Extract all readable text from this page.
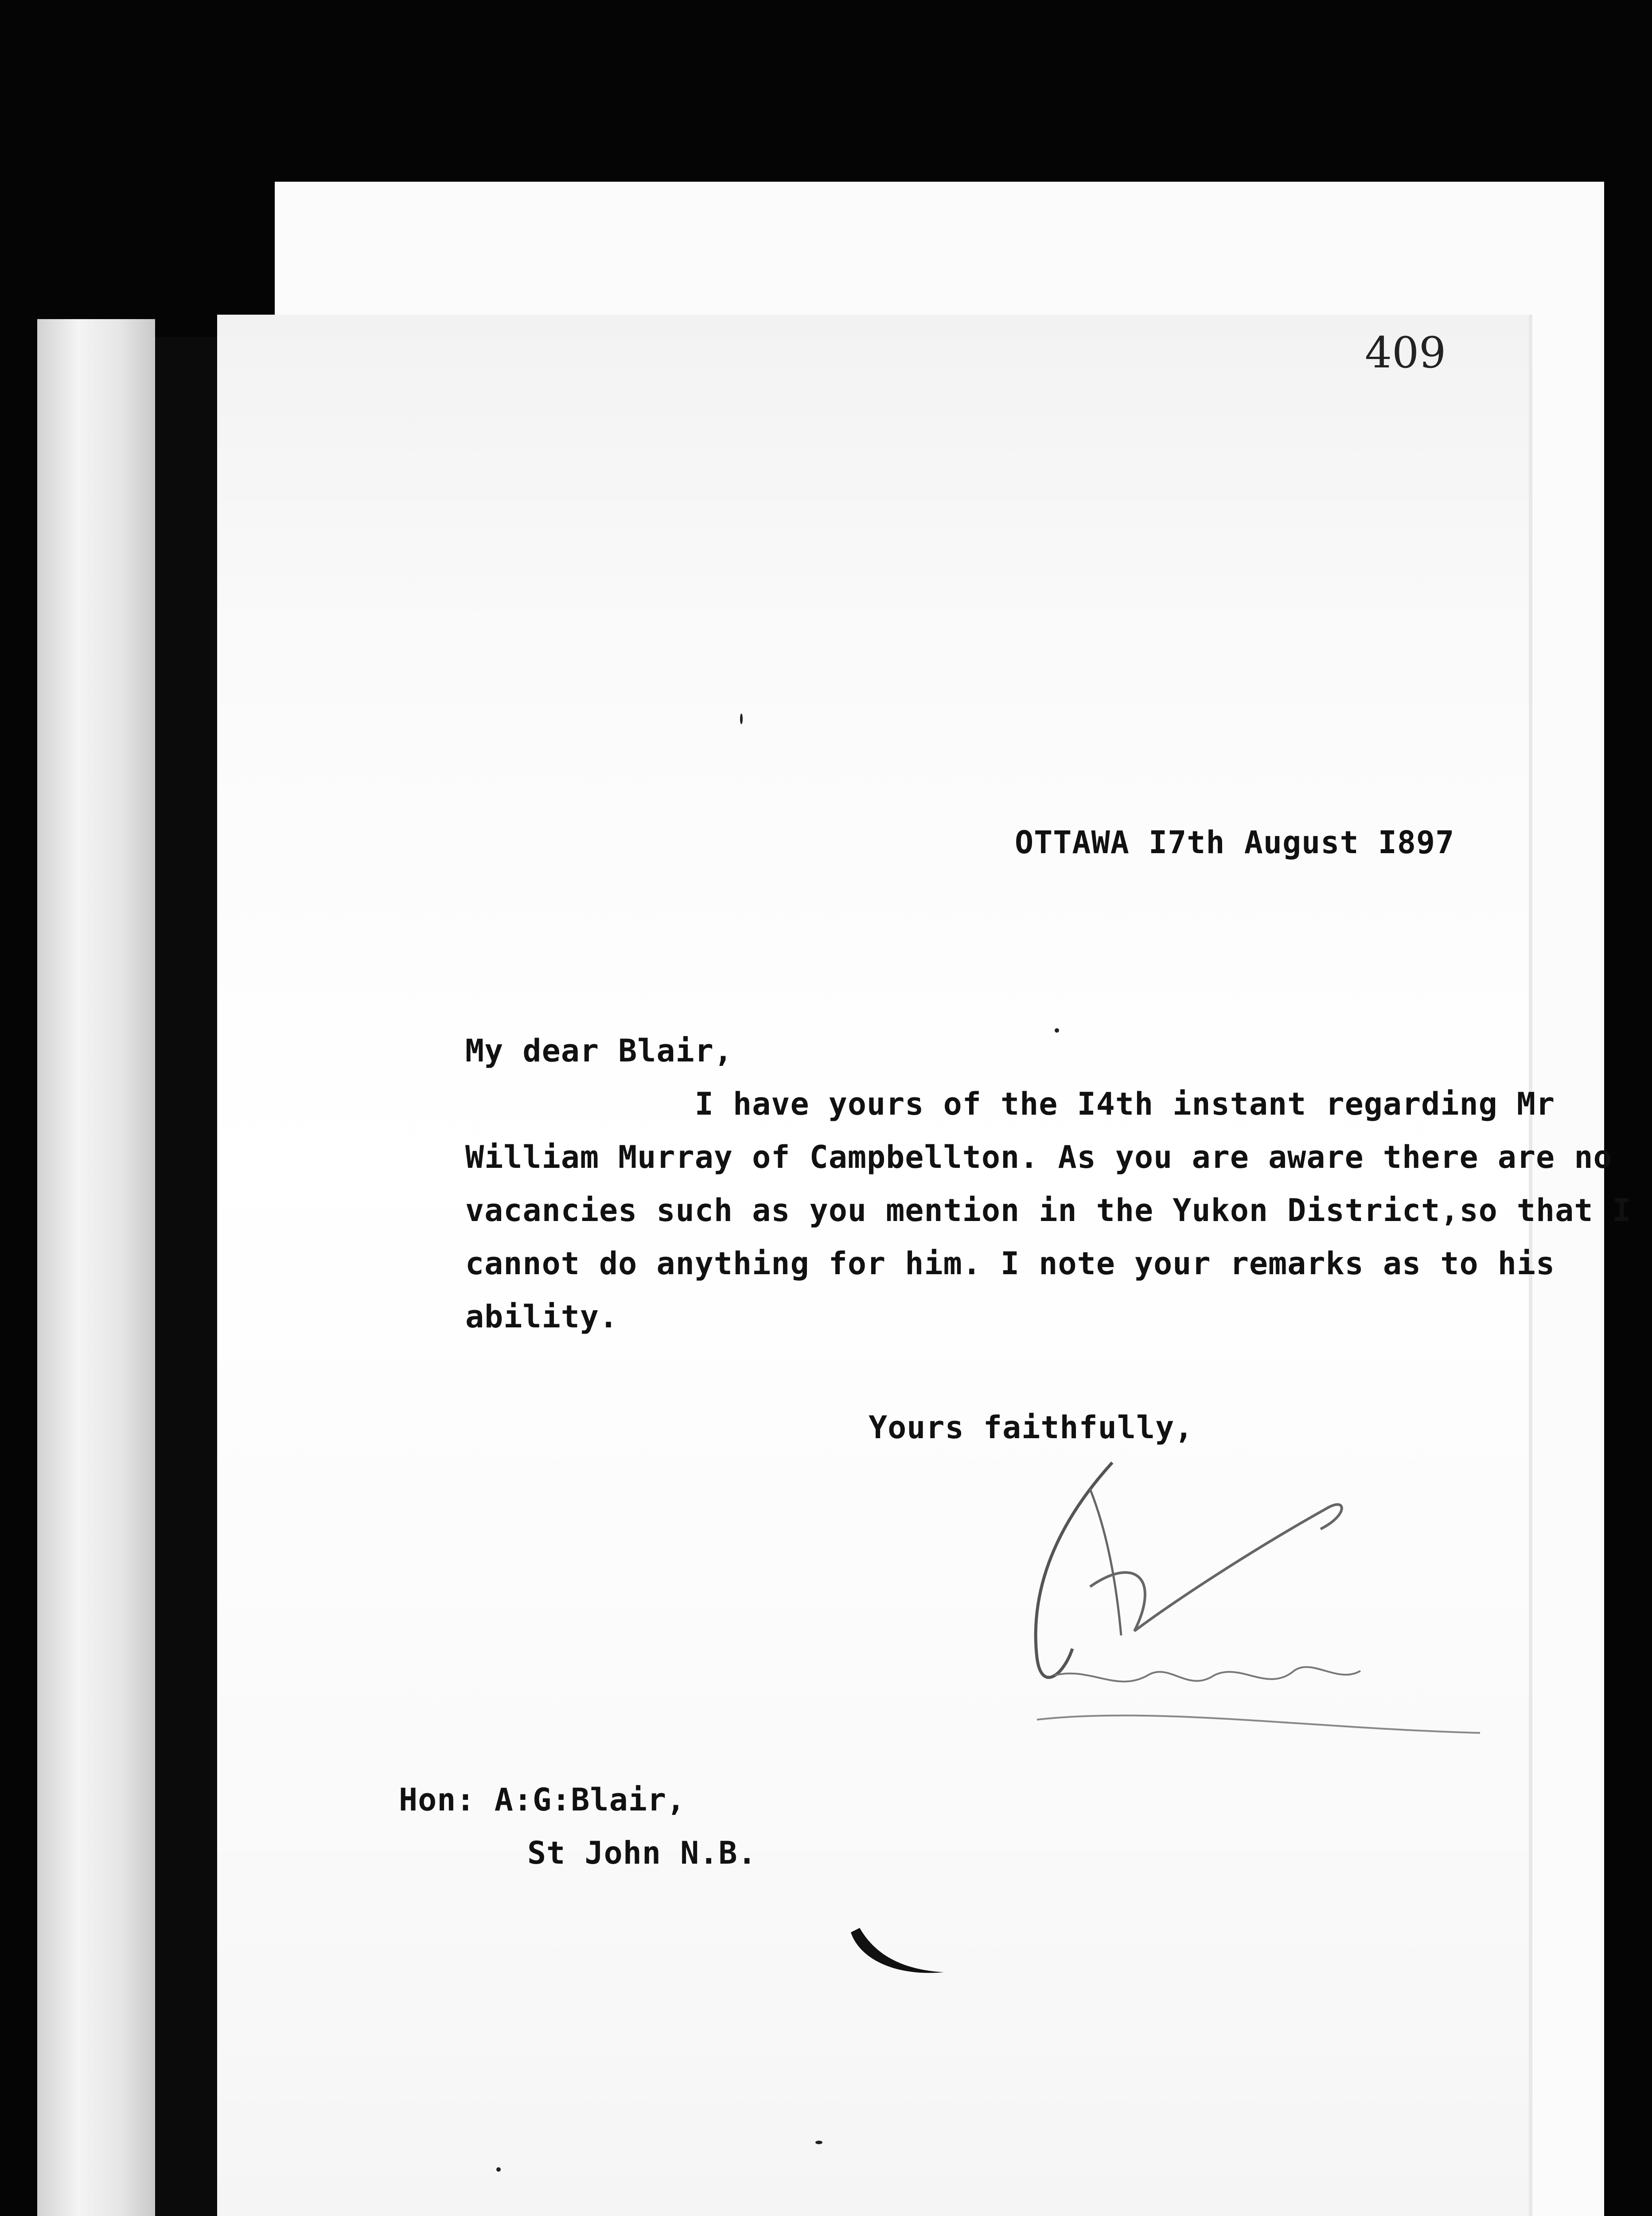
409
OTTAWA I7th August I897
My dear Blair,
I have yours of the I4th instant regarding Mr
William Murray of Campbellton. As you are aware there are no
vacancies such as you mention in the Yukon District,so that I
cannot do anything for him. I note your remarks as to his
ability.
Yours faithfully,
Hon: A:G:Blair,
St John N.B.
